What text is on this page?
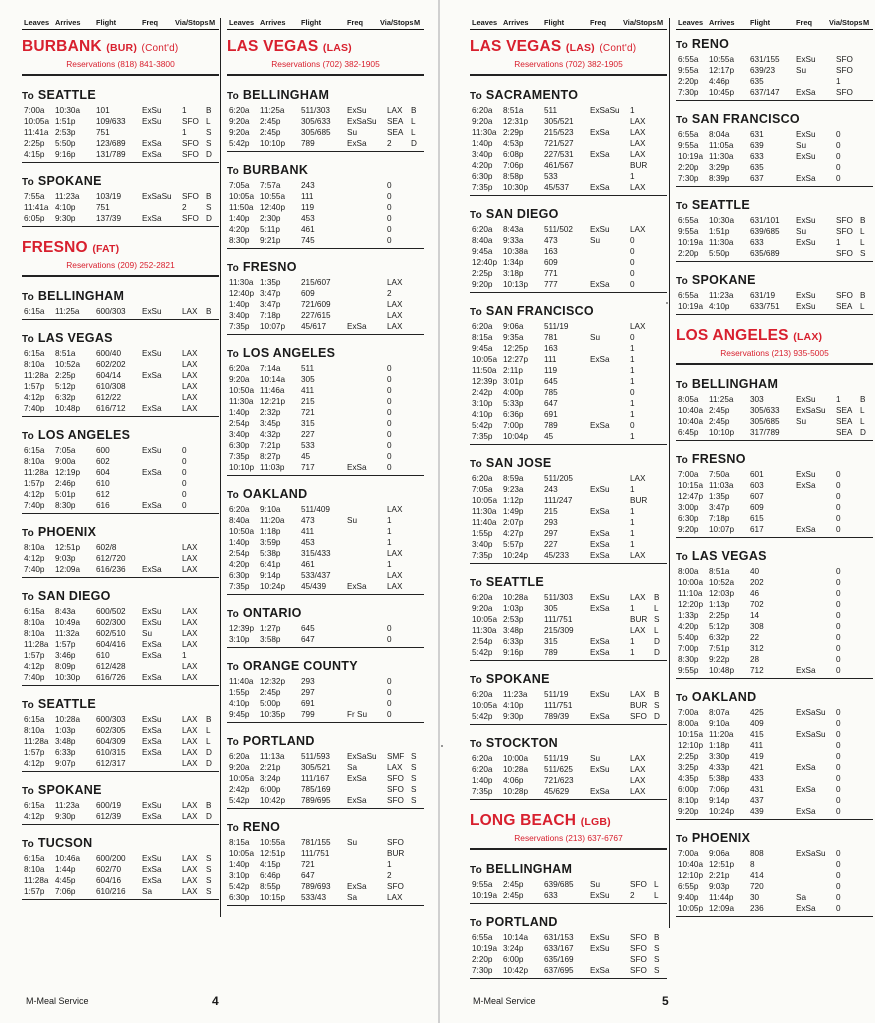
Leaves Arrives Flight	Freq Via/Stops M
BURBANK (BUR) (Cont'd)
Reservations (818) 841-3800
To SEATTLE
7:00a 10:30a 101	ExSu 1 B
10:05a 1:51p	109/633 ExSu SFO L
11:41a 2:53p	751	1 S
2:25p 5:50p	123/689 ExSa SFO S
4:15p 9:16p	131/789 ExSa SFO D
To SPOKANE
7:55a 11:23a 103/19	ExSaSu SFO B
11:41a 4:10p	751	2 S
6:05p 9:30p	137/39	ExSa SFO D
FRESNO (FAT)
Reservations (209) 252-2821
To BELLINGHAM
6:15a 11:25a 600/303 ExSu LAX B
To LAS VEGAS
6:15a 8:51a	600/40	ExSu LAX
8:10a 10:52a 602/202	LAX
11:28a 2:25p	604/14	ExSa LAX
1:57p 5:12p	610/308	LAX
4:12p 6:32p	612/22	LAX
7:40p 10:48p 616/712 ExSa LAX
To LOS ANGELES
6:15a 7:05a	600	ExSu 0
8:10a 9:00a	602	0
11:28a 12:19p 604	ExSa 0
1:57p 2:46p	610	0
4:12p 5:01p	612	0
7:40p 8:30p	616	ExSa 0
To PHOENIX
8:10a 12:51p 602/8	LAX
4:12p 9:03p	612/720	LAX
7:40p 12:09a 616/236 ExSa LAX
To SAN DIEGO
6:15a 8:43a	600/502 ExSu LAX
8:10a 10:49a 602/300 ExSu LAX
8:10a 11:32a 602/510 Su	LAX
11:28a 1:57p	604/416 ExSa LAX
1:57p 3:46p	610	ExSa 1
4:12p 8:09p	612/428	LAX
7:40p 10:30p 616/726 ExSa LAX
To SEATTLE
6:15a 10:28a 600/303 ExSu LAX B
8:10a 1:03p	602/305 ExSa LAX L
11:28a 3:48p	604/309 ExSa LAX L
1:57p 6:33p	610/315 ExSa LAX D
4:12p 9:07p	612/317	LAX D
To SPOKANE
6:15a 11:23a 600/19	ExSu LAX B
4:12p 9:30p	612/39	ExSa LAX D
To TUCSON
6:15a 10:46a 600/200 ExSu LAX S
8:10a 1:44p	602/70	ExSa LAX S
11:28a 4:45p	604/16	ExSa LAX S
1:57p 7:06p	610/216 Sa	LAX S
Leaves Arrives Flight	Freq Via/Stops M
LAS VEGAS (LAS)
Reservations (702) 382-1905
To BELLINGHAM
6:20a 11:25a 511/303 ExSu LAX B
9:20a 2:45p	305/633 ExSaSu SEA L
9:20a 2:45p	305/685 Su	SEA L
5:42p 10:10p 789	ExSa 2 D
To BURBANK
7:05a 7:57a	243	0
10:05a 10:55a 111	0
11:50a 12:40p 119	0
1:40p 2:30p	453	0
4:20p 5:11p	461	0
8:30p 9:21p	745	0
To FRESNO
11:30a 1:35p	215/607	LAX
12:40p 3:47p	609	2
1:40p 3:47p	721/609	LAX
3:40p 7:18p	227/615	LAX
7:35p 10:07p 45/617	ExSa LAX
To LOS ANGELES
6:20a 7:14a	511	0
9:20a 10:14a 305	0
10:50a 11:46a 411	0
11:30a 12:21p 215	0
1:40p 2:32p	721	0
2:54p 3:45p	315	0
3:40p 4:32p	227	0
6:30p 7:21p	533	0
7:35p 8:27p	45	0
10:10p 11:03p 717	ExSa 0
To OAKLAND
6:20a 9:10a	511/409	LAX
8:40a 11:20a 473	Su	1
10:50a 1:18p	411	1
1:40p 3:59p	453	1
2:54p 5:38p	315/433	LAX
4:20p 6:41p	461	1
6:30p 9:14p	533/437	LAX
7:35p 10:24p 45/439	ExSa LAX
To ONTARIO
12:39p 1:27p	645	0
3:10p 3:58p	647	0
To ORANGE COUNTY
11:40a 12:32p 293	0
1:55p 2:45p	297	0
4:10p 5:00p	691	0
9:45p 10:35p 799	Fr Su 0
To PORTLAND
6:20a 11:13a 511/593 ExSaSu SMF S
9:20a 2:21p	305/521 Sa	LAX S
10:05a 3:24p	111/167 ExSa SFO S
2:42p 6:00p	785/169	SFO S
5:42p 10:42p 789/695 ExSa SFO S
To RENO
8:15a 10:55a 781/155 Su	SFO
10:05a 12:51p 111/751	BUR
1:40p 4:15p	721	1
3:10p 6:46p	647	2
5:42p 8:55p	789/693 ExSa SFO
6:30p 10:15p 533/43	Sa	LAX
Leaves Arrives Flight	Freq Via/Stops M
LAS VEGAS (LAS) (Cont'd)
Reservations (702) 382-1905
To SACRAMENTO
6:20a 8:51a	511	ExSaSu 1
9:20a 12:31p 305/521	LAX
11:30a 2:29p	215/523 ExSa LAX
1:40p 4:53p	721/527	LAX
3:40p 6:08p	227/531 ExSa LAX
4:20p 7:06p	461/567	BUR
6:30p 8:58p	533	1
7:35p 10:30p 45/537	ExSa LAX
To SAN DIEGO
6:20a 8:43a	511/502 ExSu LAX
8:40a 9:33a	473	Su	0
9:45a 10:38a 163	0
12:40p 1:34p	609	0
2:25p 3:18p	771	0
9:20p 10:13p 777	ExSa 0
To SAN FRANCISCO
6:20a 9:06a	511/19	LAX
8:15a 9:35a	781	Su	0
9:45a 12:25p 163	1
10:05a 12:27p 111	ExSa 1
11:50a 2:11p	119	1
12:39p 3:01p	645	1
2:42p 4:00p	785	0
3:10p 5:33p	647	1
4:10p 6:36p	691	1
5:42p 7:00p	789	ExSa 0
7:35p 10:04p 45	1
To SAN JOSE
6:20a 8:59a	511/205	LAX
7:05a 9:23a	243	ExSu 1
10:05a 1:12p	111/247	BUR
11:30a 1:49p	215	ExSa 1
11:40a 2:07p	293	1
1:55p 4:27p	297	ExSa 1
3:40p 5:57p	227	ExSa 1
7:35p 10:24p 45/233	ExSa LAX
To SEATTLE
6:20a 10:28a 511/303 ExSu LAX B
9:20a 1:03p	305	ExSa 1 L
10:05a 2:53p	111/751	BUR S
11:30a 3:48p	215/309	LAX L
2:54p 6:33p	315	ExSa 1 D
5:42p 9:16p	789	ExSa 1 D
To SPOKANE
6:20a 11:23a 511/19	ExSu LAX B
10:05a 4:10p	111/751	BUR S
5:42p 9:30p	789/39	ExSa SFO D
To STOCKTON
6:20a 10:00a 511/19	Su	LAX
6:20a 10:28a 511/625 ExSu LAX
1:40p 4:06p	721/623	LAX
7:35p 10:28p 45/629	ExSa LAX
LONG BEACH (LGB)
Reservations (213) 637-6767
To BELLINGHAM
9:55a 2:45p	639/685 Su	SFO L
10:19a 2:45p	633	ExSu 2 L
To PORTLAND
6:55a 10:14a 631/153 ExSu SFO B
10:19a 3:24p	633/167 ExSu SFO S
2:20p 6:00p	635/169	SFO S
7:30p 10:42p 637/695 ExSa SFO S
Leaves Arrives Flight	Freq Via/Stops M
To RENO
6:55a 10:55a 631/155 ExSu SFO
9:55a 12:17p 639/23	Su	SFO
2:20p 4:46p	635	1
7:30p 10:45p 637/147 ExSa SFO
To SAN FRANCISCO
6:55a 8:04a	631	ExSu 0
9:55a 11:05a 639	Su	0
10:19a 11:30a 633	ExSu 0
2:20p 3:29p	635	0
7:30p 8:39p	637	ExSa 0
To SEATTLE
6:55a 10:30a 631/101 ExSu SFO B
9:55a 1:51p	639/685 Su	SFO L
10:19a 11:30a 633	ExSu 1 L
2:20p 5:50p	635/689	SFO S
To SPOKANE
6:55a 11:23a 631/19	ExSu SFO B
10:19a 4:10p	633/751 ExSu SEA L
LOS ANGELES (LAX)
Reservations (213) 935-5005
To BELLINGHAM
8:05a 11:25a 303	ExSu 1 B
10:40a 2:45p	305/633 ExSaSu SEA L
10:40a 2:45p	305/685 Su	SEA L
6:45p 10:10p 317/789	SEA D
To FRESNO
7:00a 7:50a	601	ExSu 0
10:15a 11:03a 603	ExSa 0
12:47p 1:35p	607	0
3:00p 3:47p	609	0
6:30p 7:18p	615	0
9:20p 10:07p 617	ExSa 0
To LAS VEGAS
8:00a 8:51a	40	0
10:00a 10:52a 202	0
11:10a 12:03p 46	0
12:20p 1:13p	702	0
1:33p 2:25p	14	0
4:20p 5:12p	308	0
5:40p 6:32p	22	0
7:00p 7:51p	312	0
8:30p 9:22p	28	0
9:55p 10:48p 712	ExSa 0
To OAKLAND
7:00a 8:07a	425	ExSaSu 0
8:00a 9:10a	409	0
10:15a 11:20a 415	ExSaSu 0
12:10p 1:18p	411	0
2:25p 3:30p	419	0
3:25p 4:33p	421	ExSa 0
4:35p 5:38p	433	0
6:00p 7:06p	431	ExSa 0
8:10p 9:14p	437	0
9:20p 10:24p 439	ExSa 0
To PHOENIX
7:00a 9:06a	808	ExSaSu 0
10:40a 12:51p 8	0
12:10p 2:21p	414	0
6:55p 9:03p	720	0
9:40p 11:44p 30	Sa	0
10:05p 12:09a 236	ExSa 0
M-Meal Service	4	M-Meal Service	5
